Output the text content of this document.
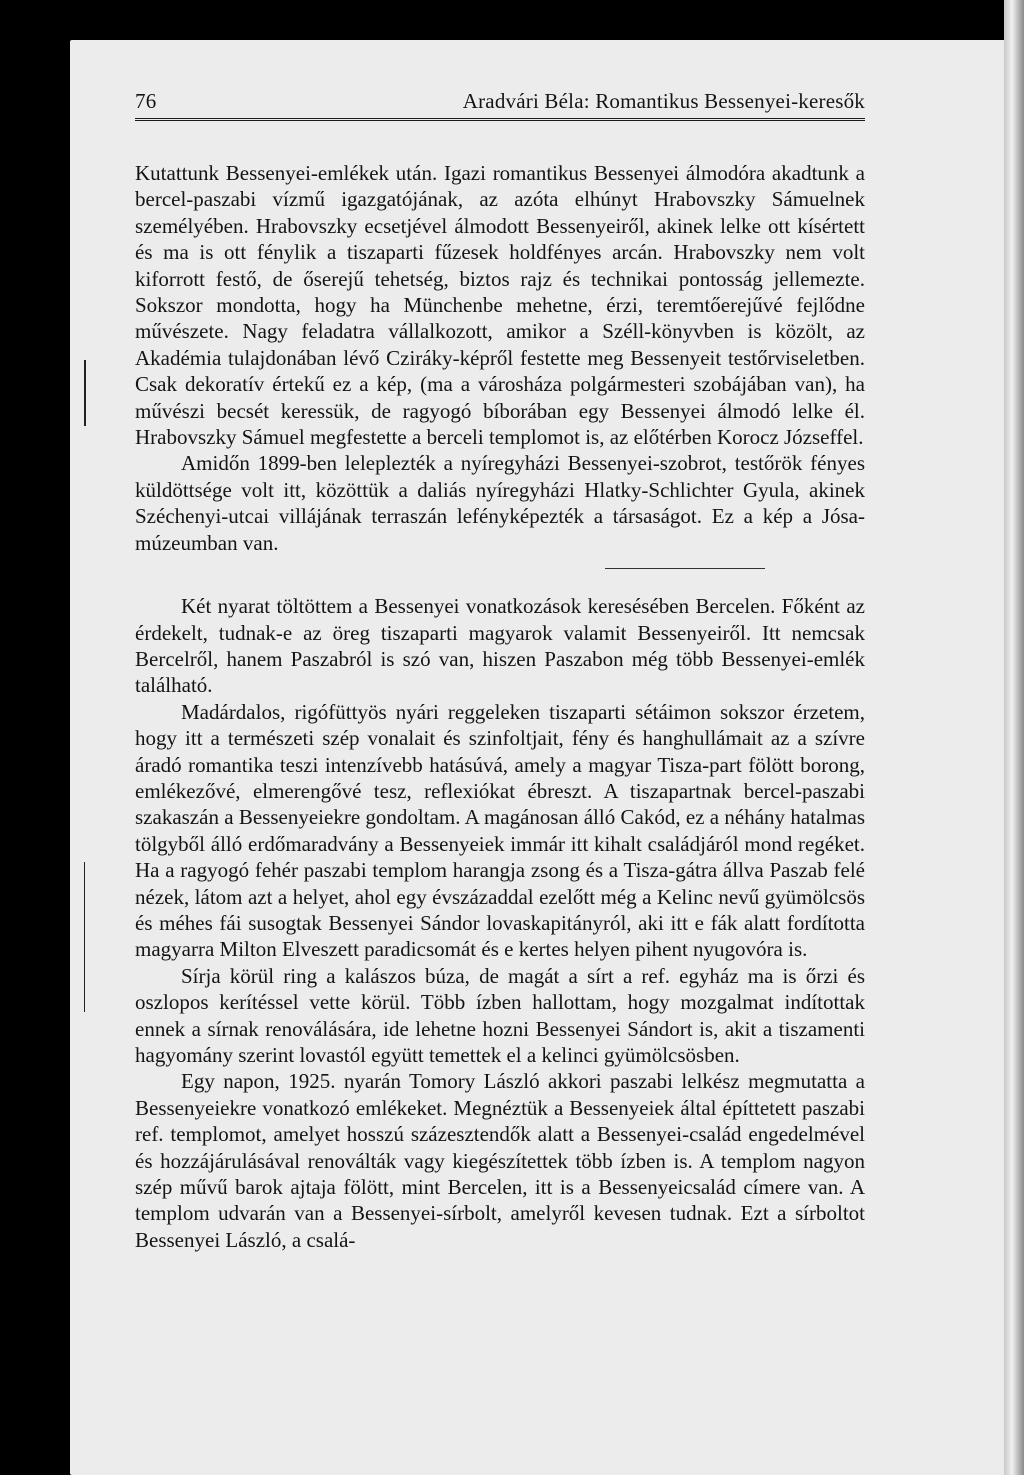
76	Aradvári Béla: Romantikus Bessenyei-keresők

Kutattunk Bessenyei-emlékek után. Igazi romantikus Bessenyei álmodóra akadtunk a bercel-paszabi vízmű igazgatójának, az azóta elhúnyt Hrabovszky Sámuelnek személyében. Hrabovszky ecsetjével álmodott Bessenyeiről, akinek lelke ott kísértett és ma is ott fénylik a tiszaparti fűzesek holdfényes arcán. Hrabovszky nem volt kiforrott festő, de őserejű tehetség, biztos rajz és technikai pontosság jellemezte. Sokszor mondotta, hogy ha Münchenbe mehetne, érzi, teremtőerejűvé fejlődne művészete. Nagy feladatra vállalkozott, amikor a Széll-könyvben is közölt, az Akadémia tulajdonában lévő Cziráky-képről festette meg Bessenyeit testőrviseletben. Csak dekoratív értekű ez a kép, (ma a városháza polgármesteri szobájában van), ha művészi becsét keressük, de ragyogó bíborában egy Bessenyei álmodó lelke él. Hrabovszky Sámuel megfestette a berceli templomot is, az előtérben Korocz Józseffel.

Amidőn 1899-ben leleplezték a nyíregyházi Bessenyei-szobrot, testőrök fényes küldöttsége volt itt, közöttük a daliás nyíregyházi Hlatky-Schlichter Gyula, akinek Széchenyi-utcai villájának terraszán lefényképezték a társaságot. Ez a kép a Jósa-múzeumban van.

Két nyarat töltöttem a Bessenyei vonatkozások keresésében Bercelen. Főként az érdekelt, tudnak-e az öreg tiszaparti magyarok valamit Bessenyeiről. Itt nemcsak Bercelről, hanem Paszabról is szó van, hiszen Paszabon még több Bessenyei-emlék található.

Madárdalos, rigófüttyös nyári reggeleken tiszaparti sétáimon sokszor érzetem, hogy itt a természeti szép vonalait és szinfoltjait, fény és hanghullámait az a szívre áradó romantika teszi intenzívebb hatásúvá, amely a magyar Tisza-part fölött borong, emlékezővé, elmerengővé tesz, reflexiókat ébreszt. A tiszapartnak bercel-paszabi szakaszán a Bessenyeiekre gondoltam. A magánosan álló Cakód, ez a néhány hatalmas tölgyből álló erdőmaradvány a Bessenyeiek immár itt kihalt családjáról mond regéket. Ha a ragyogó fehér paszabi templom harangja zsong és a Tisza-gátra állva Paszab felé nézek, látom azt a helyet, ahol egy évszázaddal ezelőtt még a Kelinc nevű gyümölcsös és méhes fái susogtak Bessenyei Sándor lovaskapitányról, aki itt e fák alatt fordította magyarra Milton Elveszett paradicsomát és e kertes helyen pihent nyugovóra is.

Sírja körül ring a kalászos búza, de magát a sírt a ref. egyház ma is őrzi és oszlopos kerítéssel vette körül. Több ízben hallottam, hogy mozgalmat indítottak ennek a sírnak renoválására, ide lehetne hozni Bessenyei Sándort is, akit a tiszamenti hagyomány szerint lovastól együtt temettek el a kelinci gyümölcsösben.

Egy napon, 1925. nyarán Tomory László akkori paszabi lelkész megmutatta a Bessenyeiekre vonatkozó emlékeket. Megnéztük a Bessenyeiek által építtetett paszabi ref. templomot, amelyet hosszú százesztendők alatt a Bessenyei-család engedelmével és hozzájárulásával renoválták vagy kiegészítettek több ízben is. A templom nagyon szép művű barok ajtaja fölött, mint Bercelen, itt is a Bessenyeicsalád címere van. A templom udvarán van a Bessenyei-sírbolt, amelyről kevesen tudnak. Ezt a sírboltot Bessenyei László, a csalá-
